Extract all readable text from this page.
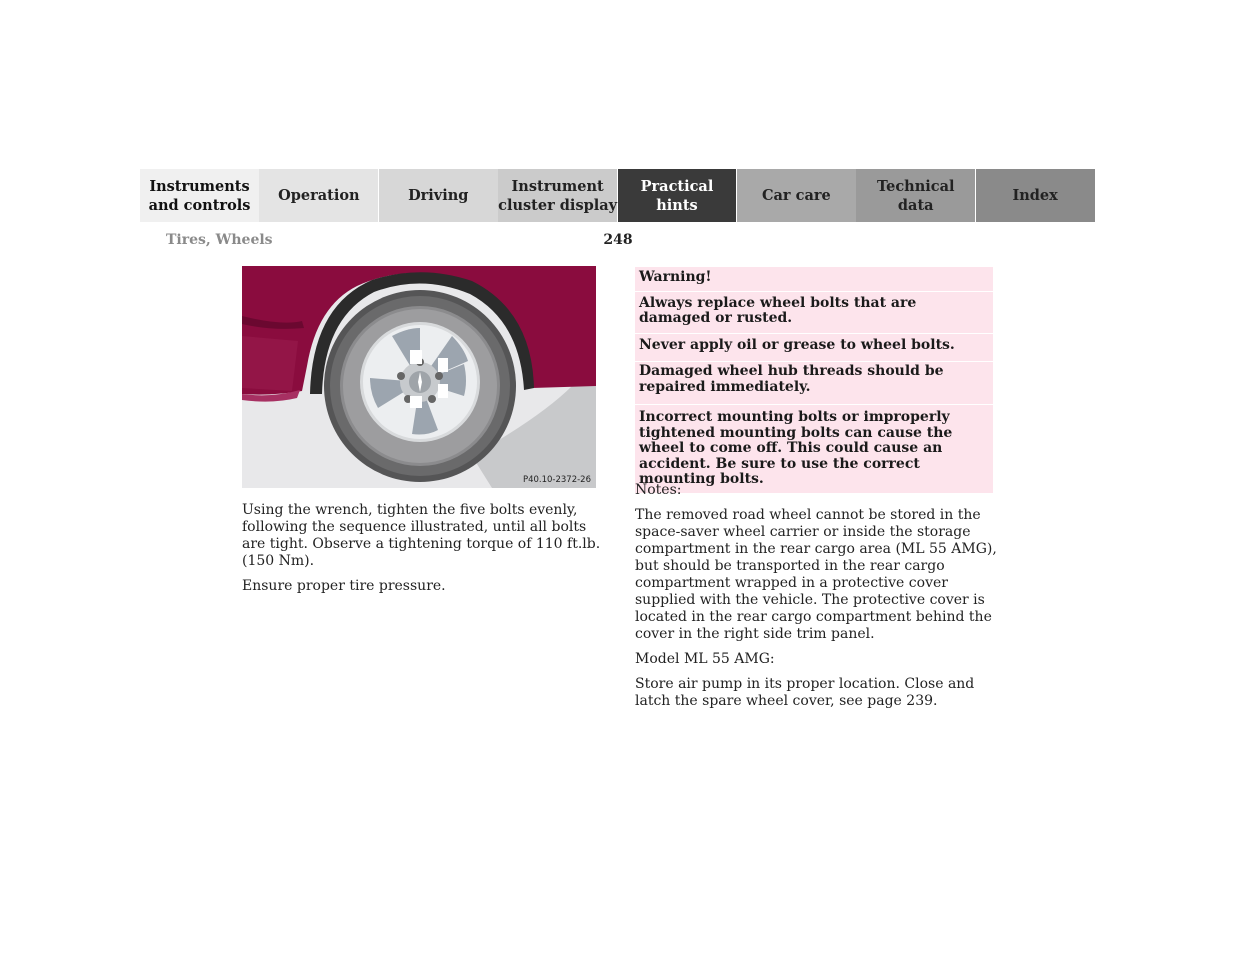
Instruments
and controls
Operation	Driving
Instrument
cluster display
Practical hints
Car care
Technical
data
Index
Tires, Wheels	248
P40.10-2372-26

Using the wrench, tighten the five bolts evenly, following the sequence illustrated, until all bolts are tight. Observe a tightening torque of 110 ft.lb. (150 Nm).

Ensure proper tire pressure.

Warning!
Always replace wheel bolts that are damaged or rusted.
Never apply oil or grease to wheel bolts.
Damaged wheel hub threads should be repaired immediately.
Incorrect mounting bolts or improperly tightened mounting bolts can cause the wheel to come off. This could cause an accident. Be sure to use the correct mounting bolts.

Notes:

The removed road wheel cannot be stored in the space-saver wheel carrier or inside the storage compartment in the rear cargo area (ML 55 AMG), but should be transported in the rear cargo compartment wrapped in a protective cover supplied with the vehicle. The protective cover is located in the rear cargo compartment behind the cover in the right side trim panel.

Model ML 55 AMG:

Store air pump in its proper location. Close and latch the spare wheel cover, see page 239.
